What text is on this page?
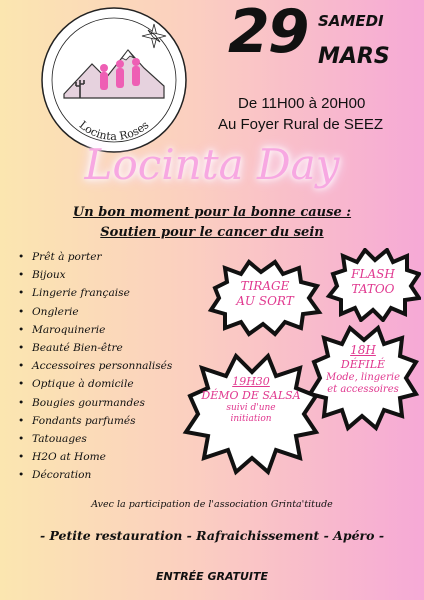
Locinta Roses
29 SAMEDI
MARS
De 11H00 à 20H00
Au Foyer Rural de SEEZ
Locinta Day
Un bon moment pour la bonne cause :
Soutien pour le cancer du sein
• Prêt à porter
• Bijoux
• Lingerie française
• Onglerie
• Maroquinerie
• Beauté Bien-être
• Accessoires personnalisés
• Optique à domicile
• Bougies gourmandes
• Fondants parfumés
• Tatouages
• H2O at Home
• Décoration
TIRAGE
AU SORT
FLASH
TATOO
18H
DÉFILÉ
Mode, lingerie
et accessoires
19H30
DÉMO DE SALSA
suivi d'une
initiation
Avec la participation de l'association Grinta'titude
- Petite restauration - Rafraichissement - Apéro -
ENTRÉE GRATUITE
